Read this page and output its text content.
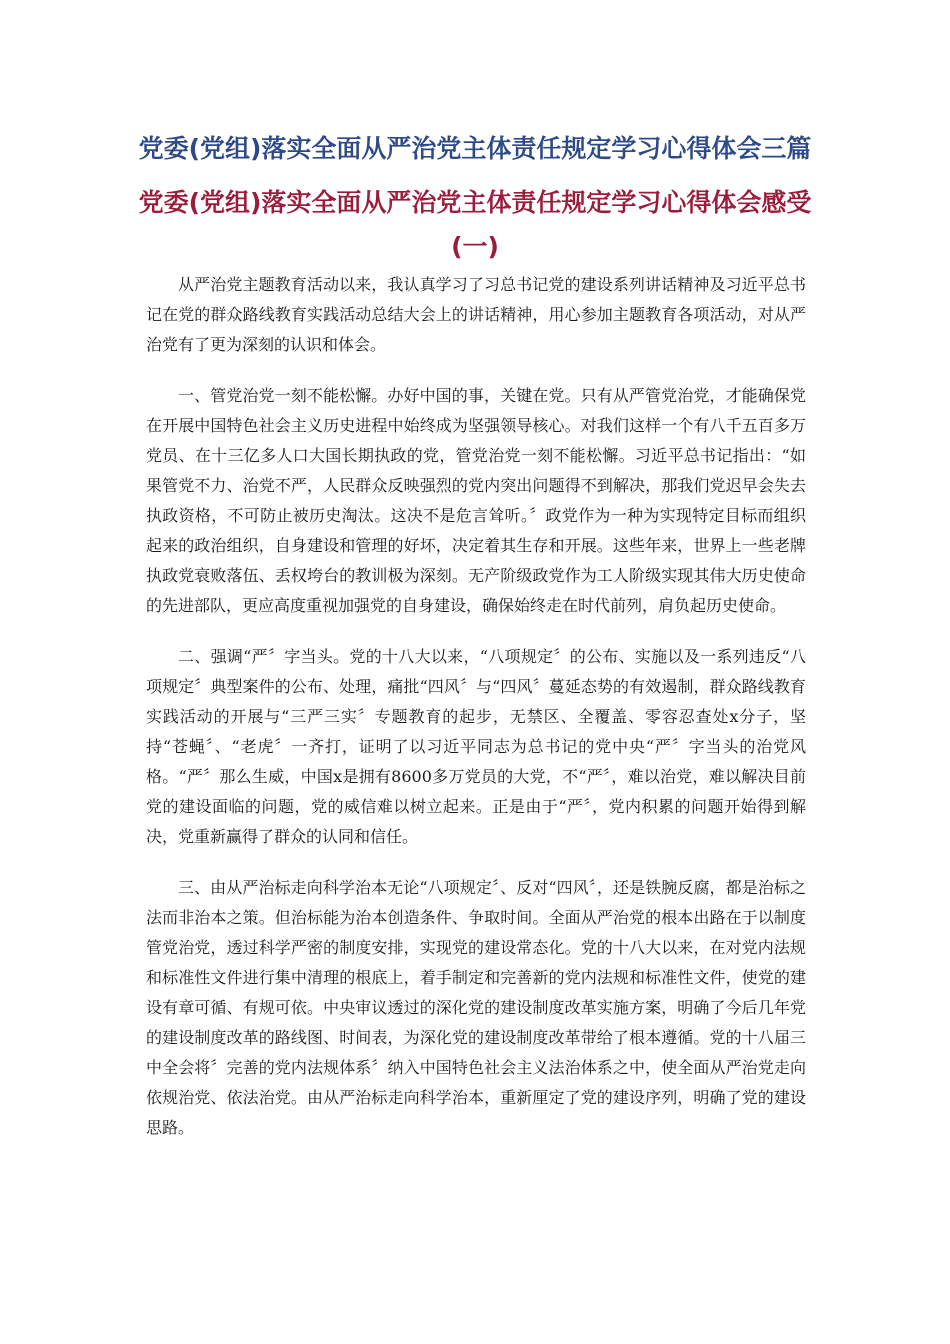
党委(党组)落实全面从严治党主体责任规定学习心得体会三篇
党委(党组)落实全面从严治党主体责任规定学习心得体会感受
(一)

从严治党主题教育活动以来，我认真学习了习总书记党的建设系列讲话精神及习近平总书记在党的群众路线教育实践活动总结大会上的讲话精神，用心参加主题教育各项活动，对从严治党有了更为深刻的认识和体会。

一、管党治党一刻不能松懈。办好中国的事，关键在党。只有从严管党治党，才能确保党在开展中国特色社会主义历史进程中始终成为坚强领导核心。对我们这样一个有八千五百多万党员、在十三亿多人口大国长期执政的党，管党治党一刻不能松懈。习近平总书记指出：“如果管党不力、治党不严，人民群众反映强烈的党内突出问题得不到解决，那我们党迟早会失去执政资格，不可防止被历史淘汰。这决不是危言耸听。〞政党作为一种为实现特定目标而组织起来的政治组织，自身建设和管理的好坏，决定着其生存和开展。这些年来，世界上一些老牌执政党衰败落伍、丢权垮台的教训极为深刻。无产阶级政党作为工人阶级实现其伟大历史使命的先进部队，更应高度重视加强党的自身建设，确保始终走在时代前列，肩负起历史使命。

二、强调“严〞字当头。党的十八大以来，“八项规定〞的公布、实施以及一系列违反“八项规定〞典型案件的公布、处理，痛批“四风〞与“四风〞蔓延态势的有效遏制，群众路线教育实践活动的开展与“三严三实〞专题教育的起步，无禁区、全覆盖、零容忍查处x分子，坚持“苍蝇〞、“老虎〞一齐打，证明了以习近平同志为总书记的党中央“严〞字当头的治党风格。“严〞那么生威，中国x是拥有8600多万党员的大党，不“严〞，难以治党，难以解决目前党的建设面临的问题，党的威信难以树立起来。正是由于“严〞，党内积累的问题开始得到解决，党重新赢得了群众的认同和信任。

三、由从严治标走向科学治本无论“八项规定〞、反对“四风〞，还是铁腕反腐，都是治标之法而非治本之策。但治标能为治本创造条件、争取时间。全面从严治党的根本出路在于以制度管党治党，透过科学严密的制度安排，实现党的建设常态化。党的十八大以来，在对党内法规和标准性文件进行集中清理的根底上，着手制定和完善新的党内法规和标准性文件，使党的建设有章可循、有规可依。中央审议透过的深化党的建设制度改革实施方案，明确了今后几年党的建设制度改革的路线图、时间表，为深化党的建设制度改革带给了根本遵循。党的十八届三中全会将〞完善的党内法规体系〞纳入中国特色社会主义法治体系之中，使全面从严治党走向依规治党、依法治党。由从严治标走向科学治本，重新厘定了党的建设序列，明确了党的建设思路。
